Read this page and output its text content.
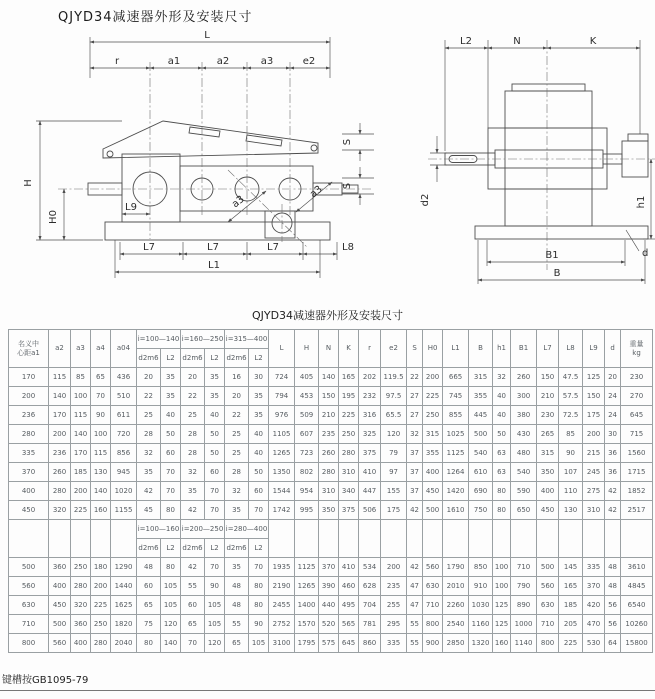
QJYD34减速器外形及安装尺寸
L
r	a1	a2	a3	e2
H
H0
L9
L7	L7	L7	L8
L1
S
S
a3
a3
L2	N	K
d2	h1
B1
B
d
QJYD34减速器外形及安装尺寸
名义中
心距a1	a2	a3	a4	a04	i=100—140		i=160—250		i=315—400		L	H	N	K	r	e2	S	H0	L1	B	h1	B1	L7	L8	L9	d	重量
kg
					d2m6	L2	d2m6	L2	d2m6	L2																	
170	115	85	65	436	20	35	20	35	16	30	724	405	140	165	202	119.5	22	200	665	315	32	260	150	47.5	125	20	230
200	140	100	70	510	22	35	22	35	20	35	794	453	150	195	232	97.5	27	225	745	355	40	300	210	57.5	150	24	270
236	170	115	90	611	25	40	25	40	22	35	976	509	210	225	316	65.5	27	250	855	445	40	380	230	72.5	175	24	645
280	200	140	100	720	28	50	28	50	25	40	1105	607	235	250	325	120	32	315	1025	500	50	430	265	85	200	30	715
335	236	170	115	856	32	60	28	50	25	40	1265	723	260	280	375	79	37	355	1125	540	63	480	315	90	215	36	1560
370	260	185	130	945	35	70	32	60	28	50	1350	802	280	310	410	97	37	400	1264	610	63	540	350	107	245	36	1715
400	280	200	140	1020	42	70	35	70	32	60	1544	954	310	340	447	155	37	450	1420	690	80	590	400	110	275	42	1852
450	320	225	160	1155	45	80	42	70	35	70	1742	995	350	375	506	175	42	500	1610	750	80	650	450	130	310	42	2517
					i=100—160		i=200—250		i=280—400																		
					d2m6	L2	d2m6	L2	d2m6	L2																	
500	360	250	180	1290	48	80	42	70	35	70	1935	1125	370	410	534	200	42	560	1790	850	100	710	500	145	335	48	3610
560	400	280	200	1440	60	105	55	90	48	80	2190	1265	390	460	628	235	47	630	2010	910	100	790	560	165	370	48	4845
630	450	320	225	1625	65	105	60	105	48	80	2455	1400	440	495	704	255	47	710	2260	1030	125	890	630	185	420	56	6540
710	500	360	250	1820	75	120	65	105	55	90	2752	1570	520	565	781	295	55	800	2540	1160	125	1000	710	205	470	56	10260
800	560	400	280	2040	80	140	70	120	65	105	3100	1795	575	645	860	335	55	900	2850	1320	160	1140	800	225	530	64	15800
键槽按GB1095-79
